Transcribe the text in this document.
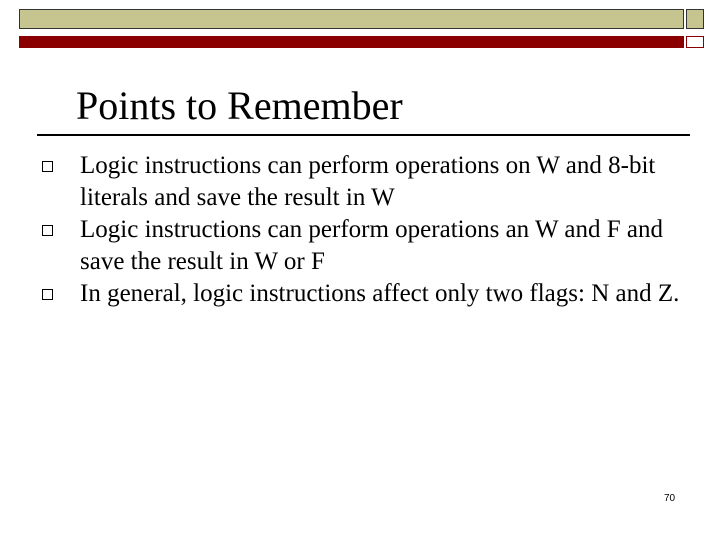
Points to Remember
Logic instructions can perform operations on W and 8-bit literals and save the result in W
Logic instructions can perform operations an W and F and save the result in W or F
In general, logic instructions affect only two flags: N and Z.
70
